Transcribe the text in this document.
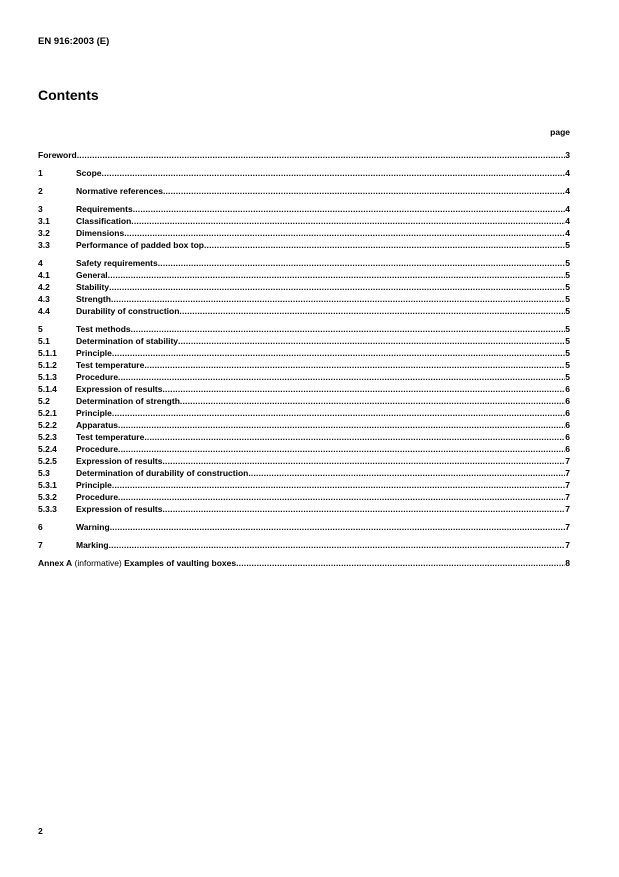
EN 916:2003 (E)
Contents
page
Foreword .....	3
1	Scope .....	4
2	Normative references .....	4
3	Requirements .....	4
3.1	Classification .....	4
3.2	Dimensions .....	4
3.3	Performance of padded box top .....	5
4	Safety requirements .....	5
4.1	General .....	5
4.2	Stability .....	5
4.3	Strength .....	5
4.4	Durability of construction .....	5
5	Test methods .....	5
5.1	Determination of stability .....	5
5.1.1	Principle .....	5
5.1.2	Test temperature .....	5
5.1.3	Procedure .....	5
5.1.4	Expression of results .....	6
5.2	Determination of strength .....	6
5.2.1	Principle .....	6
5.2.2	Apparatus .....	6
5.2.3	Test temperature .....	6
5.2.4	Procedure .....	6
5.2.5	Expression of results .....	7
5.3	Determination of durability of construction .....	7
5.3.1	Principle .....	7
5.3.2	Procedure .....	7
5.3.3	Expression of results .....	7
6	Warning .....	7
7	Marking .....	7
Annex A (informative) Examples of vaulting boxes .....	8
2
